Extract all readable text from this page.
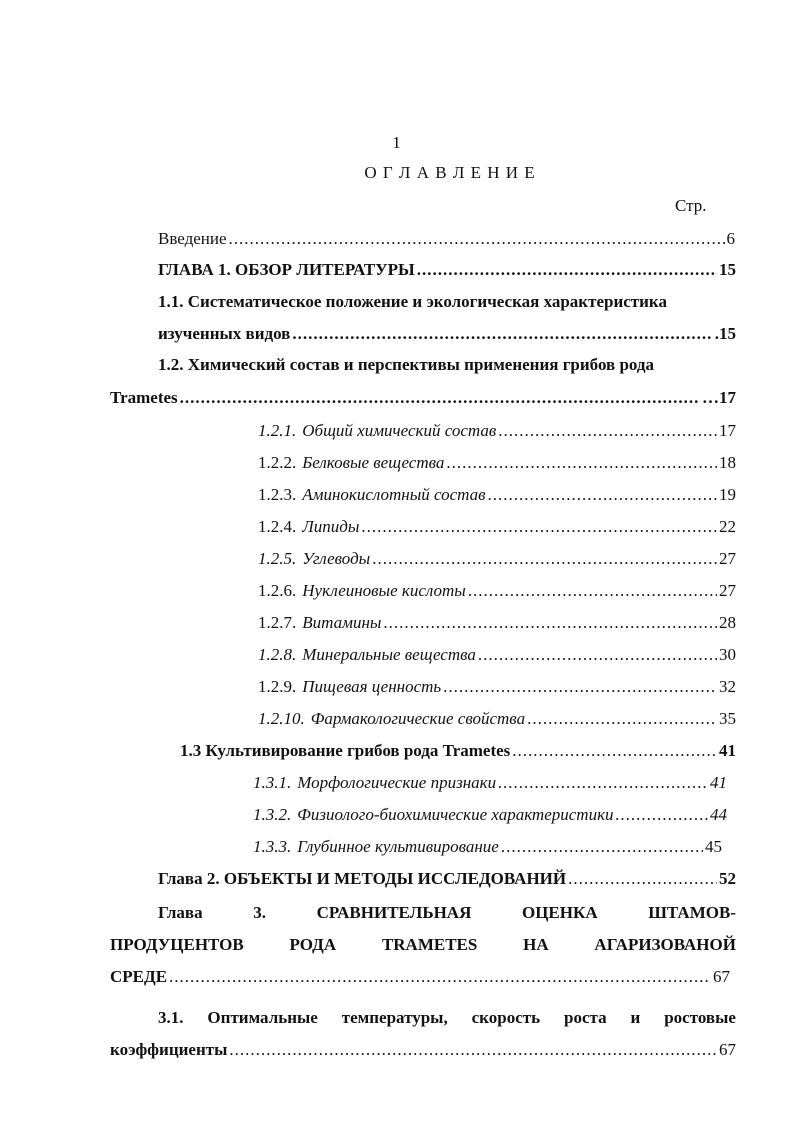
1
О Г Л А В Л Е Н И Е
Стр.
Введение .....	6
ГЛАВА 1. ОБЗОР ЛИТЕРАТУРЫ .....	15
1.1. Систематическое положение и экологическая характеристика
изученных видов .....	.15
1.2. Химический состав и перспективы применения грибов рода
Trametes .....	…17
1.2.1. Общий химический состав .....	17
1.2.2. Белковые вещества .....	18
1.2.3. Аминокислотный состав .....	19
1.2.4. Липиды .....	22
1.2.5. Углеводы .....	27
1.2.6. Нуклеиновые кислоты .....	27
1.2.7. Витамины .....	28
1.2.8. Минеральные вещества .....	30
1.2.9. Пищевая ценность .....	32
1.2.10. Фармакологические свойства .....	35
1.3 Культивирование грибов рода Trametes .....	41
1.3.1. Морфологические признаки .....	41
1.3.2. Физиолого-биохимические характеристики .....	44
1.3.3. Глубинное культивирование .....	45
Глава 2. ОБЪЕКТЫ И МЕТОДЫ ИССЛЕДОВАНИЙ .....	52
Глава	3.	СРАВНИТЕЛЬНАЯ	ОЦЕНКА	ШТАМОВ-
ПРОДУЦЕНТОВ	РОДА	TRAMETES	НА	АГАРИЗОВАНОЙ
СРЕДЕ .....	67
3.1. Оптимальные температуры, скорость роста и ростовые
коэффициенты .....	67
